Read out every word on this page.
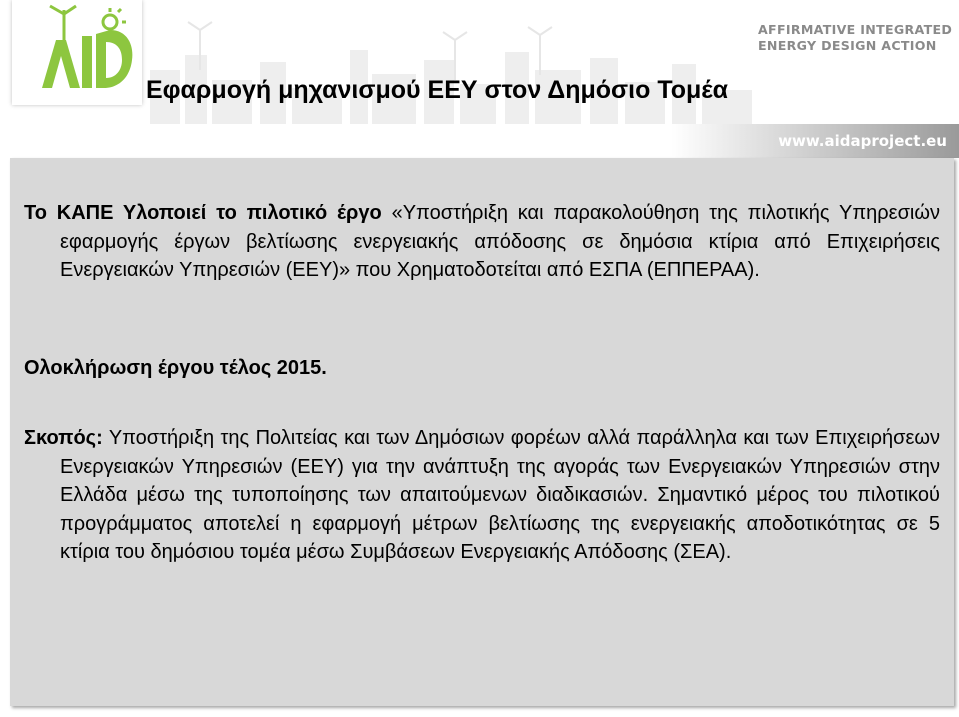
AFFIRMATIVE INTEGRATED
ENERGY DESIGN ACTION
Εφαρμογή μηχανισμού ΕΕΥ στον Δημόσιο Τομέα
www.aidaproject.eu
Το ΚΑΠΕ Υλοποιεί το πιλοτικό έργο «Υποστήριξη και παρακολούθηση της πιλοτικής Υπηρεσιών εφαρμογής έργων βελτίωσης ενεργειακής απόδοσης σε δημόσια κτίρια από Επιχειρήσεις Ενεργειακών Υπηρεσιών (ΕΕΥ)» που Χρηματοδοτείται από ΕΣΠΑ (ΕΠΠΕΡΑΑ).
Ολοκλήρωση έργου τέλος 2015.
Σκοπός: Υποστήριξη της Πολιτείας και των Δημόσιων φορέων αλλά παράλληλα και των Επιχειρήσεων Ενεργειακών Υπηρεσιών (ΕΕΥ) για την ανάπτυξη της αγοράς των Ενεργειακών Υπηρεσιών στην Ελλάδα μέσω της τυποποίησης των απαιτούμενων διαδικασιών. Σημαντικό μέρος του πιλοτικού προγράμματος αποτελεί η εφαρμογή μέτρων βελτίωσης της ενεργειακής αποδοτικότητας σε 5 κτίρια του δημόσιου τομέα μέσω Συμβάσεων Ενεργειακής Απόδοσης (ΣΕΑ).
